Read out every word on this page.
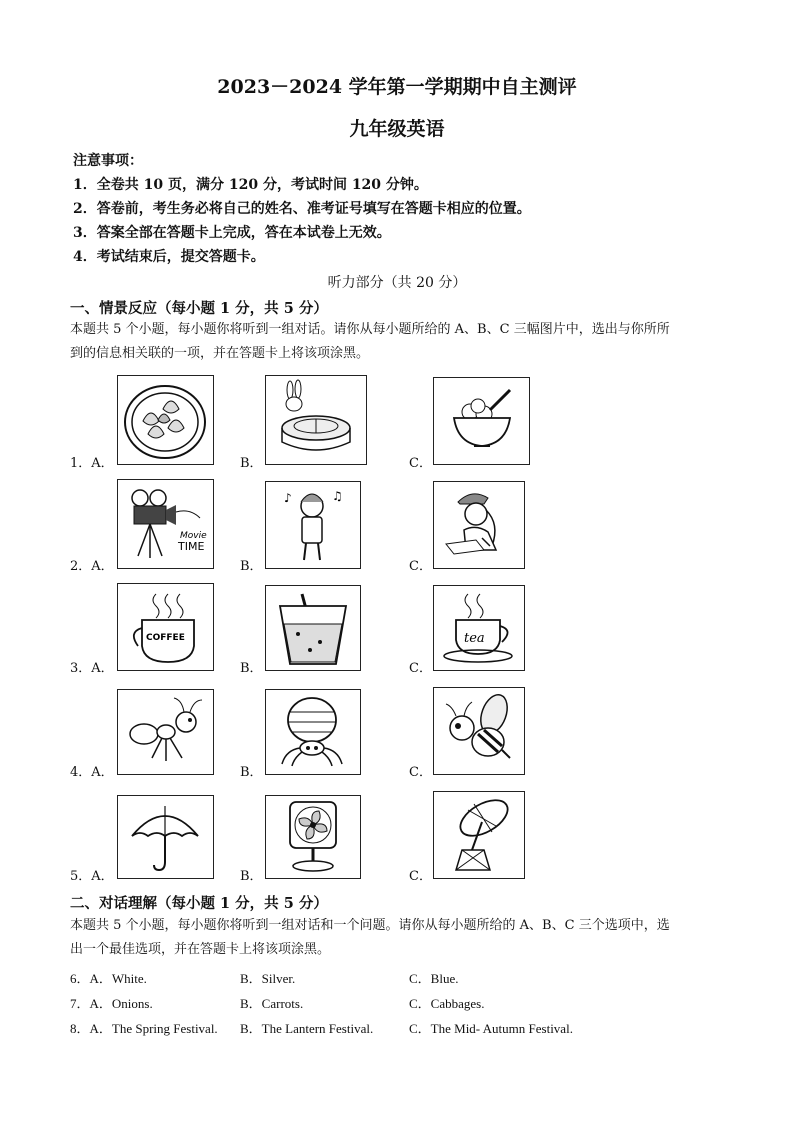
2023－2024 学年第一学期期中自主测评
九年级英语
注意事项：
1．全卷共 10 页，满分 120 分，考试时间 120 分钟。
2．答卷前，考生务必将自己的姓名、准考证号填写在答题卡相应的位置。
3．答案全部在答题卡上完成，答在本试卷上无效。
4．考试结束后，提交答题卡。
听力部分（共 20 分）
一、情景反应（每小题 1 分，共 5 分）
本题共 5 个小题，每小题你将听到一组对话。请你从每小题所给的 A、B、C 三幅图片中，选出与你所所
到的信息相关联的一项，并在答题卡上将该项涂黑。
1．A．	B．	C．
2．A．	B．	C．
Movie
TIME
♪	♫
3．A．	B．	C．
COFFEE	tea
4．A．	B．	C．
5．A．	B．	C．
二、对话理解（每小题 1 分，共 5 分）
本题共 5 个小题，每小题你将听到一组对话和一个问题。请你从每小题所给的 A、B、C 三个选项中，选
出一个最佳选项，并在答题卡上将该项涂黑。
6．A．White.	B．Silver.	C．Blue.
7．A．Onions.	B．Carrots.	C．Cabbages.
8．A．The Spring Festival. B．The Lantern Festival.	C．The Mid- Autumn Festival.
